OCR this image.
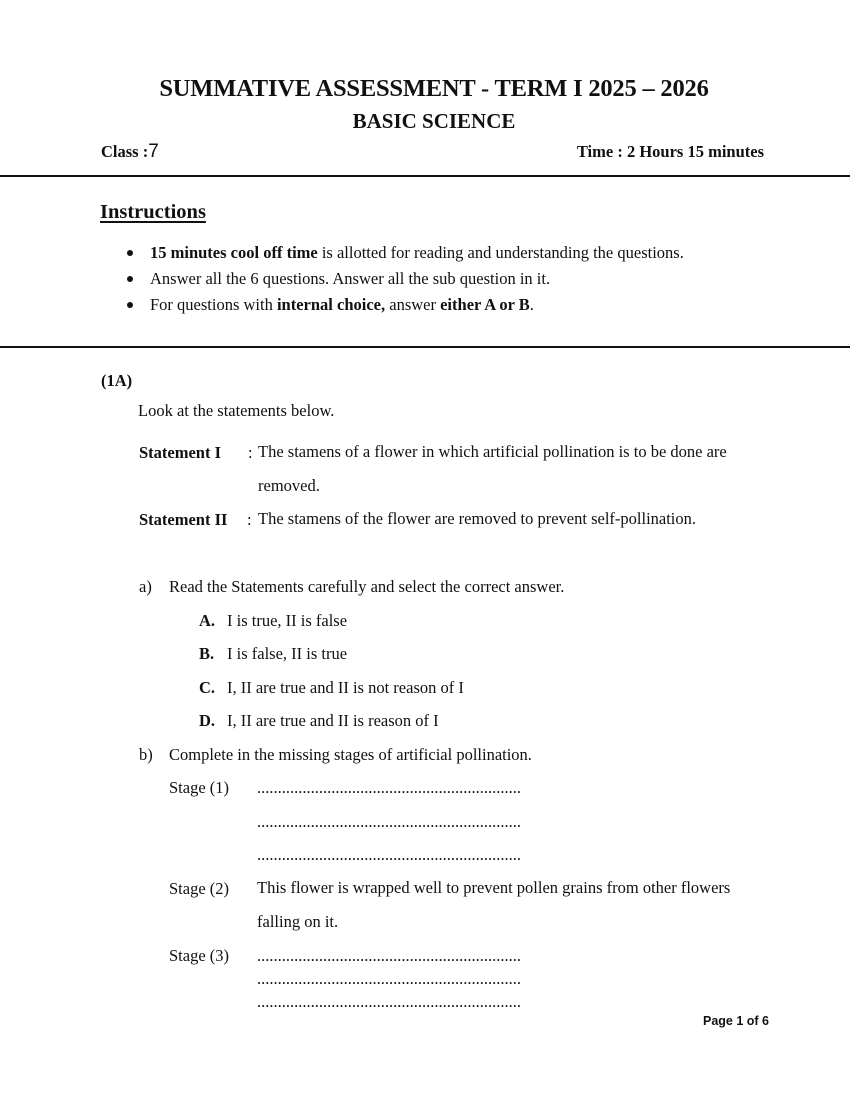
SUMMATIVE ASSESSMENT - TERM I 2025 – 2026
BASIC SCIENCE
Class :7	Time : 2 Hours 15 minutes
Instructions
15 minutes cool off time is allotted for reading and understanding the questions.
Answer all the 6 questions. Answer all the sub question in it.
For questions with internal choice, answer either A or B.
(1A)
Look at the statements below.
Statement I : The stamens of a flower in which artificial pollination is to be done are removed.
Statement II : The stamens of the flower are removed to prevent self-pollination.
a) Read the Statements carefully and select the correct answer.
A. I is true, II is false
B. I is false, II is true
C. I, II are true and II is not reason of I
D. I, II are true and II is reason of I
b) Complete in the missing stages of artificial pollination.
Stage (1) ................................................................
................................................................
................................................................
Stage (2) This flower is wrapped well to prevent pollen grains from other flowers falling on it.
Stage (3) ................................................................
................................................................
................................................................
Page 1 of 6
